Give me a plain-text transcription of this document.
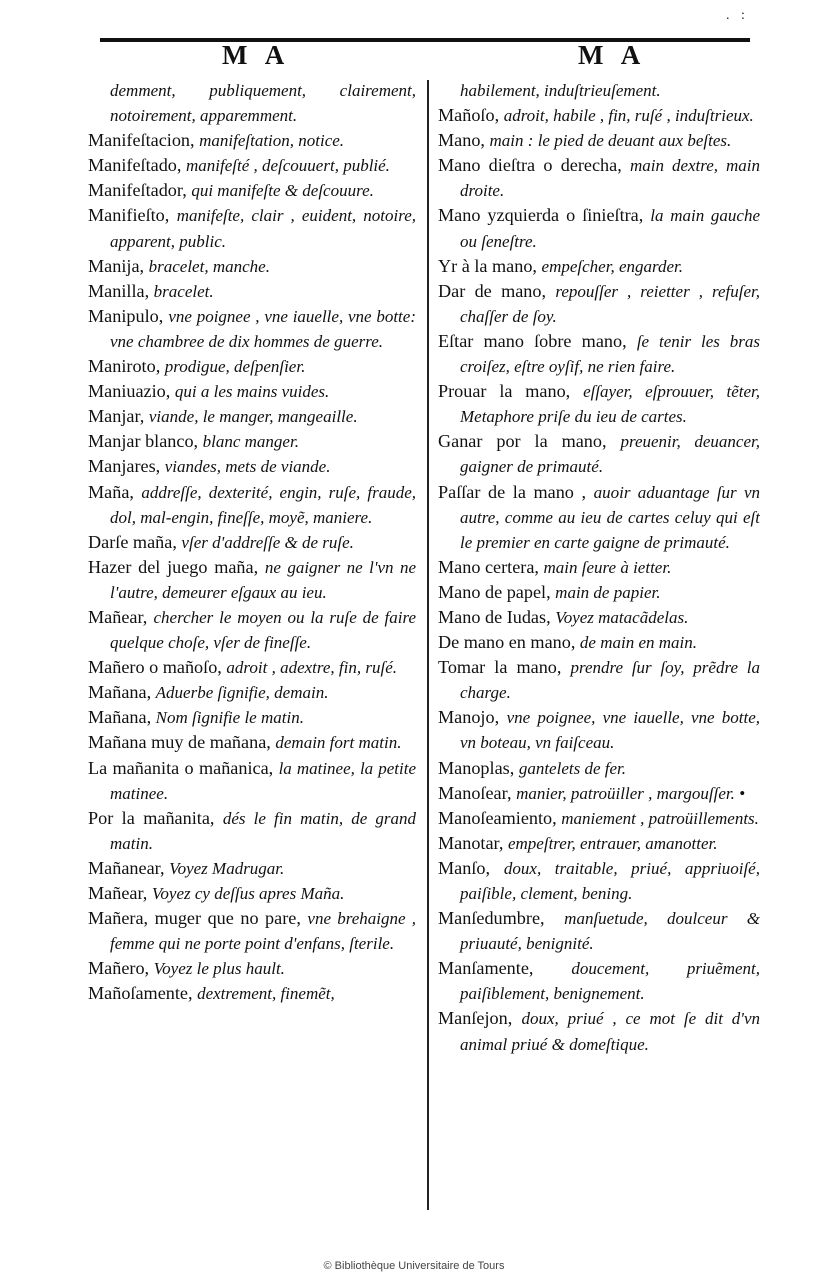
. :
M A	M A
demment, publiquement, clairement, notoirement, apparemment.
Manifeſtacion, manifeſtation, notice.
Manifeſtado, manifeſté , deſcouuert, publié.
Manifeſtador, qui manifeſte & deſcouure.
Manifieſto, manifeſte, clair , euident, notoire, apparent, public.
Manija, bracelet, manche.
Manilla, bracelet.
Manipulo, vne poignee , vne iauelle, vne botte: vne chambree de dix hommes de guerre.
Maniroto, prodigue, deſpenſier.
Maniuazio, qui a les mains vuides.
Manjar, viande, le manger, mangeaille.
Manjar blanco, blanc manger.
Manjares, viandes, mets de viande.
Maña, addreſſe, dexterité, engin, ruſe, fraude, dol, mal-engin, fineſſe, moyẽ, maniere.
Darſe maña, vſer d'addreſſe & de ruſe.
Hazer del juego maña, ne gaigner ne l'vn ne l'autre, demeurer eſgaux au ieu.
Mañear, chercher le moyen ou la ruſe de faire quelque choſe, vſer de fineſſe.
Mañero o mañoſo, adroit , adextre, fin, ruſé.
Mañana, Aduerbe ſignifie, demain.
Mañana, Nom ſignifie le matin.
Mañana muy de mañana, demain fort matin.
La mañanita o mañanica, la matinee, la petite matinee.
Por la mañanita, dés le fin matin, de grand matin.
Mañanear, Voyez Madrugar.
Mañear, Voyez cy deſſus apres Maña.
Mañera, muger que no pare, vne brehaigne , femme qui ne porte point d'enfans, ſterile.
Mañero, Voyez le plus hault.
Mañoſamente, dextrement, finemẽt,
habilement, induſtrieuſement.
Mañoſo, adroit, habile , fin, ruſé , induſtrieux.
Mano, main : le pied de deuant aux beſtes.
Mano dieſtra o derecha, main dextre, main droite.
Mano yzquierda o ſinieſtra, la main gauche ou ſeneſtre.
Yr à la mano, empeſcher, engarder.
Dar de mano, repouſſer , reietter , refuſer, chaſſer de ſoy.
Eſtar mano ſobre mano, ſe tenir les bras croiſez, eſtre oyſif, ne rien faire.
Prouar la mano, eſſayer, eſprouuer, tẽter, Metaphore priſe du ieu de cartes.
Ganar por la mano, preuenir, deuancer, gaigner de primauté.
Paſſar de la mano , auoir aduantage ſur vn autre, comme au ieu de cartes celuy qui eſt le premier en carte gaigne de primauté.
Mano certera, main ſeure à ietter.
Mano de papel, main de papier.
Mano de Iudas, Voyez matacãdelas.
De mano en mano, de main en main.
Tomar la mano, prendre ſur ſoy, prẽdre la charge.
Manojo, vne poignee, vne iauelle, vne botte, vn boteau, vn faiſceau.
Manoplas, gantelets de fer.
Manoſear, manier, patroüiller , margouſſer. •
Manoſeamiento, maniement , patroüillements.
Manotar, empeſtrer, entrauer, amanotter.
Manſo, doux, traitable, priué, appriuoiſé, paiſible, clement, bening.
Manſedumbre, manſuetude, doulceur & priuauté, benignité.
Manſamente, doucement, priuẽment, paiſiblement, benignement.
Manſejon, doux, priué , ce mot ſe dit d'vn animal priué & domeſtique.
© Bibliothèque Universitaire de Tours
